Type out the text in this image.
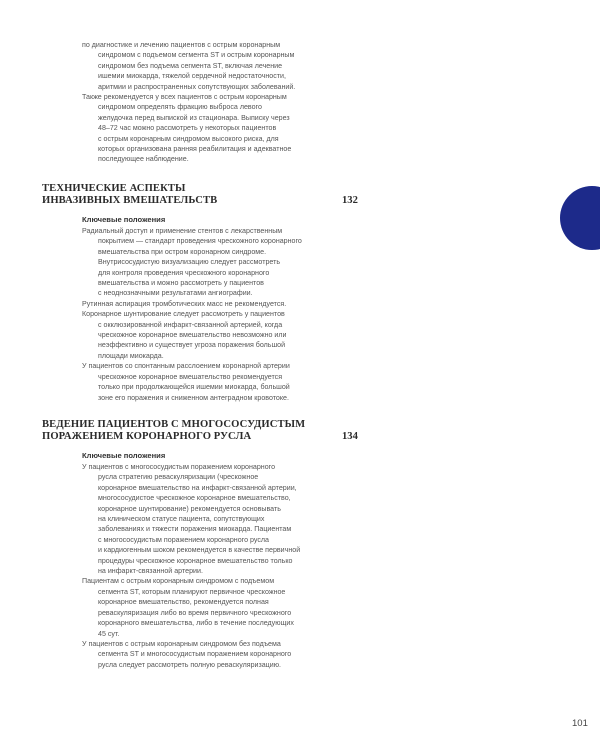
по диагностике и лечению пациентов с острым коронарным
синдромом с подъемом сегмента ST и острым коронарным
синдромом без подъема сегмента ST, включая лечение
ишемии миокарда, тяжелой сердечной недостаточности,
аритмии и распространенных сопутствующих заболеваний.

Также рекомендуется у всех пациентов с острым коронарным
синдромом определять фракцию выброса левого
желудочка перед выпиской из стационара. Выписку через
48–72 час можно рассмотреть у некоторых пациентов
с острым коронарным синдромом высокого риска, для
которых организована ранняя реабилитация и адекватное
последующее наблюдение.

ТЕХНИЧЕСКИЕ АСПЕКТЫ
ИНВАЗИВНЫХ ВМЕШАТЕЛЬСТВ	132
Ключевые положения

Радиальный доступ и применение стентов с лекарственным
покрытием — стандарт проведения чрескожного коронарного
вмешательства при остром коронарном синдроме.
Внутрисосудистую визуализацию следует рассмотреть
для контроля проведения чрескожного коронарного
вмешательства и можно рассмотреть у пациентов
с неоднозначными результатами ангиографии.

Рутинная аспирация тромботических масс не рекомендуется.

Коронарное шунтирование следует рассмотреть у пациентов
с окклюзированной инфаркт-связанной артерией, когда
чрескожное коронарное вмешательство невозможно или
неэффективно и существует угроза поражения большой
площади миокарда.

У пациентов со спонтанным расслоением коронарной артерии
чрескожное коронарное вмешательство рекомендуется
только при продолжающейся ишемии миокарда, большой
зоне его поражения и сниженном антеградном кровотоке.

ВЕДЕНИЕ ПАЦИЕНТОВ С МНОГОСОСУДИСТЫМ
ПОРАЖЕНИЕМ КОРОНАРНОГО РУСЛА	134
Ключевые положения

У пациентов с многососудистым поражением коронарного
русла стратегию реваскуляризации (чрескожное
коронарное вмешательство на инфаркт-связанной артерии,
многососудистое чрескожное коронарное вмешательство,
коронарное шунтирование) рекомендуется основывать
на клиническом статусе пациента, сопутствующих
заболеваниях и тяжести поражения миокарда. Пациентам
с многососудистым поражением коронарного русла
и кардиогенным шоком рекомендуется в качестве первичной
процедуры чрескожное коронарное вмешательство только
на инфаркт-связанной артерии.

Пациентам с острым коронарным синдромом с подъемом
сегмента ST, которым планируют первичное чрескожное
коронарное вмешательство, рекомендуется полная
реваскуляризация либо во время первичного чрескожного
коронарного вмешательства, либо в течение последующих
45 сут.

У пациентов с острым коронарным синдромом без подъема
сегмента ST и многососудистым поражением коронарного
русла следует рассмотреть полную реваскуляризацию.

101
